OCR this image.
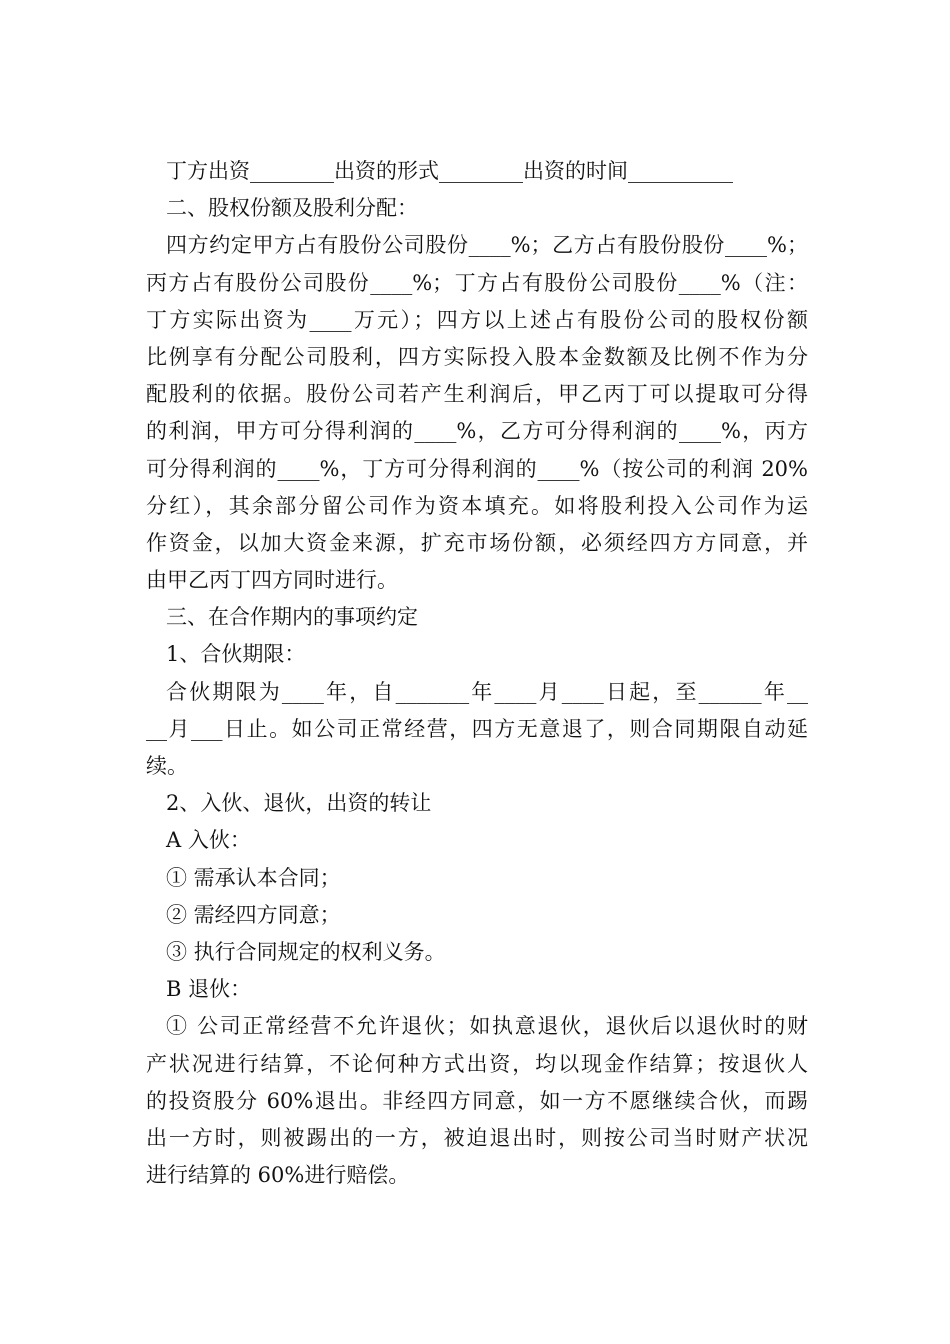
丁方出资________出资的形式________出资的时间__________
二、股权份额及股利分配：
四方约定甲方占有股份公司股份____%；乙方占有股份股份____%；
丙方占有股份公司股份____%；丁方占有股份公司股份____%（注：
丁方实际出资为____万元）；四方以上述占有股份公司的股权份额
比例享有分配公司股利，四方实际投入股本金数额及比例不作为分
配股利的依据。股份公司若产生利润后，甲乙丙丁可以提取可分得
的利润，甲方可分得利润的____%，乙方可分得利润的____%，丙方
可分得利润的____%，丁方可分得利润的____%（按公司的利润 20%
分红），其余部分留公司作为资本填充。如将股利投入公司作为运
作资金，以加大资金来源，扩充市场份额，必须经四方方同意，并
由甲乙丙丁四方同时进行。
三、在合作期内的事项约定
1、合伙期限：
合伙期限为____年，自_______年____月____日起，至______年__
__月___日止。如公司正常经营，四方无意退了，则合同期限自动延
续。
2、入伙、退伙，出资的转让
A 入伙：
① 需承认本合同；
② 需经四方同意；
③ 执行合同规定的权利义务。
B 退伙：
① 公司正常经营不允许退伙；如执意退伙，退伙后以退伙时的财
产状况进行结算，不论何种方式出资，均以现金作结算；按退伙人
的投资股分 60%退出。非经四方同意，如一方不愿继续合伙，而踢
出一方时，则被踢出的一方，被迫退出时，则按公司当时财产状况
进行结算的 60%进行赔偿。
